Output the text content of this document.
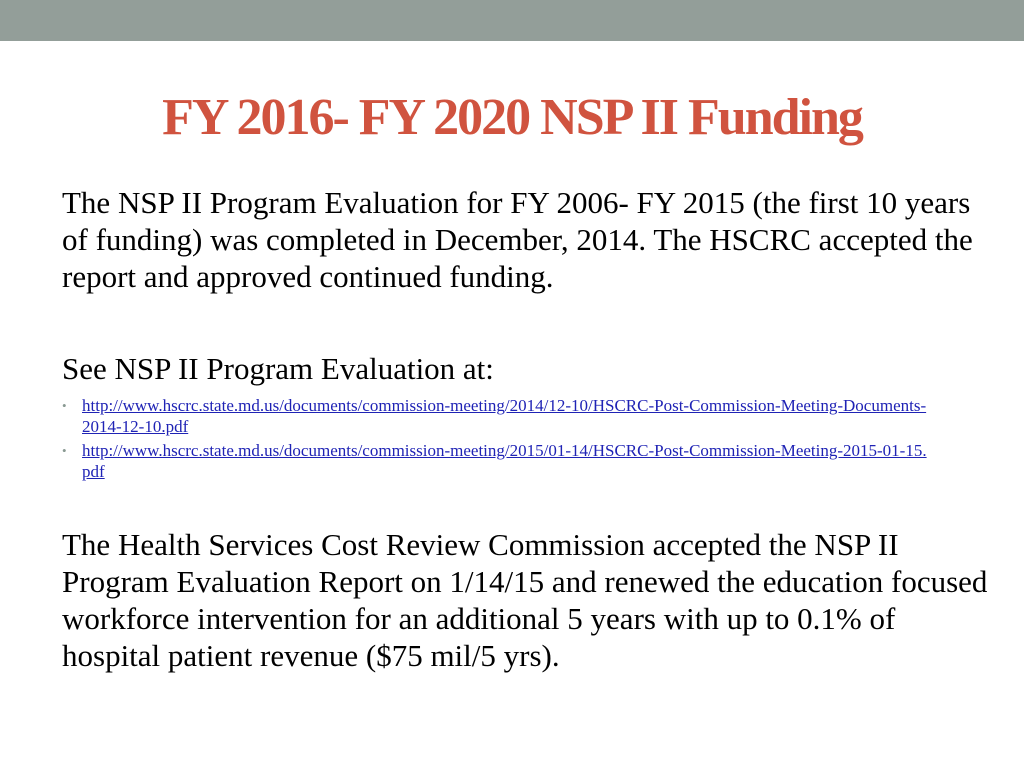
FY 2016- FY 2020 NSP II Funding

The NSP II Program Evaluation for FY 2006- FY 2015 (the first 10 years of funding) was completed in December, 2014. The HSCRC accepted the report and approved continued funding.

See NSP II Program Evaluation at:

• http://www.hscrc.state.md.us/documents/commission-meeting/2014/12-10/HSCRC-Post-Commission-Meeting-Documents-2014-12-10.pdf
• http://www.hscrc.state.md.us/documents/commission-meeting/2015/01-14/HSCRC-Post-Commission-Meeting-2015-01-15.pdf

The Health Services Cost Review Commission accepted the NSP II Program Evaluation Report on 1/14/15 and renewed the education focused workforce intervention for an additional 5 years with up to 0.1% of hospital patient revenue ($75 mil/5 yrs).
